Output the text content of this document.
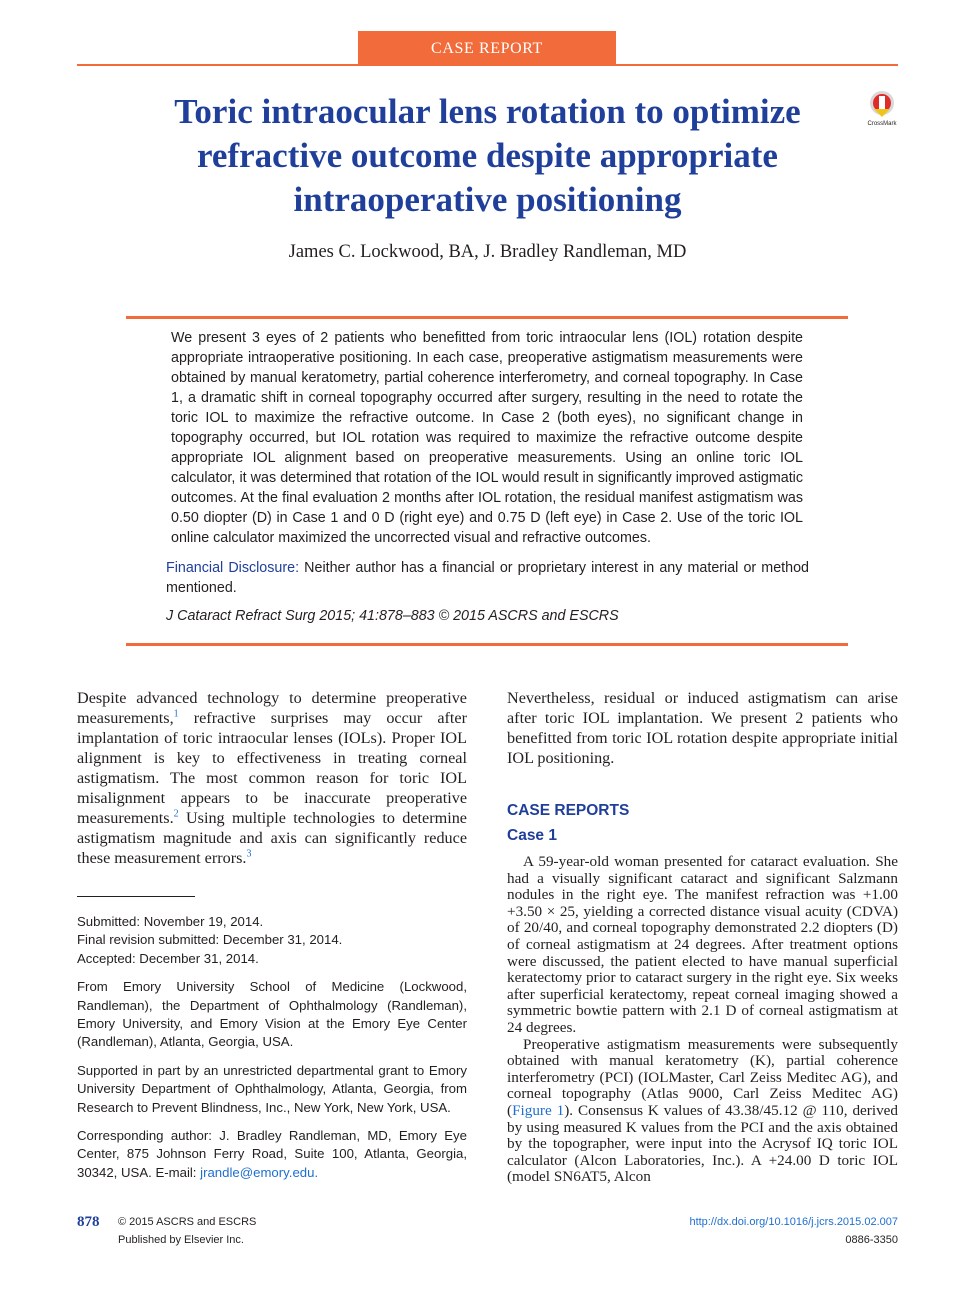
CASE REPORT
Toric intraocular lens rotation to optimize refractive outcome despite appropriate intraoperative positioning
CrossMark
James C. Lockwood, BA, J. Bradley Randleman, MD

We present 3 eyes of 2 patients who benefitted from toric intraocular lens (IOL) rotation despite appropriate intraoperative positioning. In each case, preoperative astigmatism measurements were obtained by manual keratometry, partial coherence interferometry, and corneal topography. In Case 1, a dramatic shift in corneal topography occurred after surgery, resulting in the need to rotate the toric IOL to maximize the refractive outcome. In Case 2 (both eyes), no significant change in topography occurred, but IOL rotation was required to maximize the refractive outcome despite appropriate IOL alignment based on preoperative measurements. Using an online toric IOL calculator, it was determined that rotation of the IOL would result in significantly improved astigmatic outcomes. At the final evaluation 2 months after IOL rotation, the residual manifest astigmatism was 0.50 diopter (D) in Case 1 and 0 D (right eye) and 0.75 D (left eye) in Case 2. Use of the toric IOL online calculator maximized the uncorrected visual and refractive outcomes.

Financial Disclosure: Neither author has a financial or proprietary interest in any material or method mentioned.

J Cataract Refract Surg 2015; 41:878–883 © 2015 ASCRS and ESCRS

Despite advanced technology to determine preoperative measurements,$^1$ refractive surprises may occur after implantation of toric intraocular lenses (IOLs). Proper IOL alignment is key to effectiveness in treating corneal astigmatism. The most common reason for toric IOL misalignment appears to be inaccurate preoperative measurements.$^2$ Using multiple technologies to determine astigmatism magnitude and axis can significantly reduce these measurement errors.$^3$

Nevertheless, residual or induced astigmatism can arise after toric IOL implantation. We present 2 patients who benefitted from toric IOL rotation despite appropriate initial IOL positioning.

CASE REPORTS
Case 1

A 59-year-old woman presented for cataract evaluation. She had a visually significant cataract and significant Salzmann nodules in the right eye. The manifest refraction was +1.00 +3.50 × 25, yielding a corrected distance visual acuity (CDVA) of 20/40, and corneal topography demonstrated 2.2 diopters (D) of corneal astigmatism at 24 degrees. After treatment options were discussed, the patient elected to have manual superficial keratectomy prior to cataract surgery in the right eye. Six weeks after superficial keratectomy, repeat corneal imaging showed a symmetric bowtie pattern with 2.1 D of corneal astigmatism at 24 degrees.

Preoperative astigmatism measurements were subsequently obtained with manual keratometry (K), partial coherence interferometry (PCI) (IOLMaster, Carl Zeiss Meditec AG), and corneal topography (Atlas 9000, Carl Zeiss Meditec AG) (Figure 1). Consensus K values of 43.38/45.12 @ 110, derived by using measured K values from the PCI and the axis obtained by the topographer, were input into the Acrysof IQ toric IOL calculator (Alcon Laboratories, Inc.). A +24.00 D toric IOL (model SN6AT5, Alcon

Submitted: November 19, 2014.

Final revision submitted: December 31, 2014.

Accepted: December 31, 2014.

From Emory University School of Medicine (Lockwood, Randleman), the Department of Ophthalmology (Randleman), Emory University, and Emory Vision at the Emory Eye Center (Randleman), Atlanta, Georgia, USA.

Supported in part by an unrestricted departmental grant to Emory University Department of Ophthalmology, Atlanta, Georgia, from Research to Prevent Blindness, Inc., New York, New York, USA.

Corresponding author: J. Bradley Randleman, MD, Emory Eye Center, 875 Johnson Ferry Road, Suite 100, Atlanta, Georgia, 30342, USA. E-mail: jrandle@emory.edu.

878 © 2015 ASCRS and ESCRS
Published by Elsevier Inc.
http://dx.doi.org/10.1016/j.jcrs.2015.02.007
0886-3350
